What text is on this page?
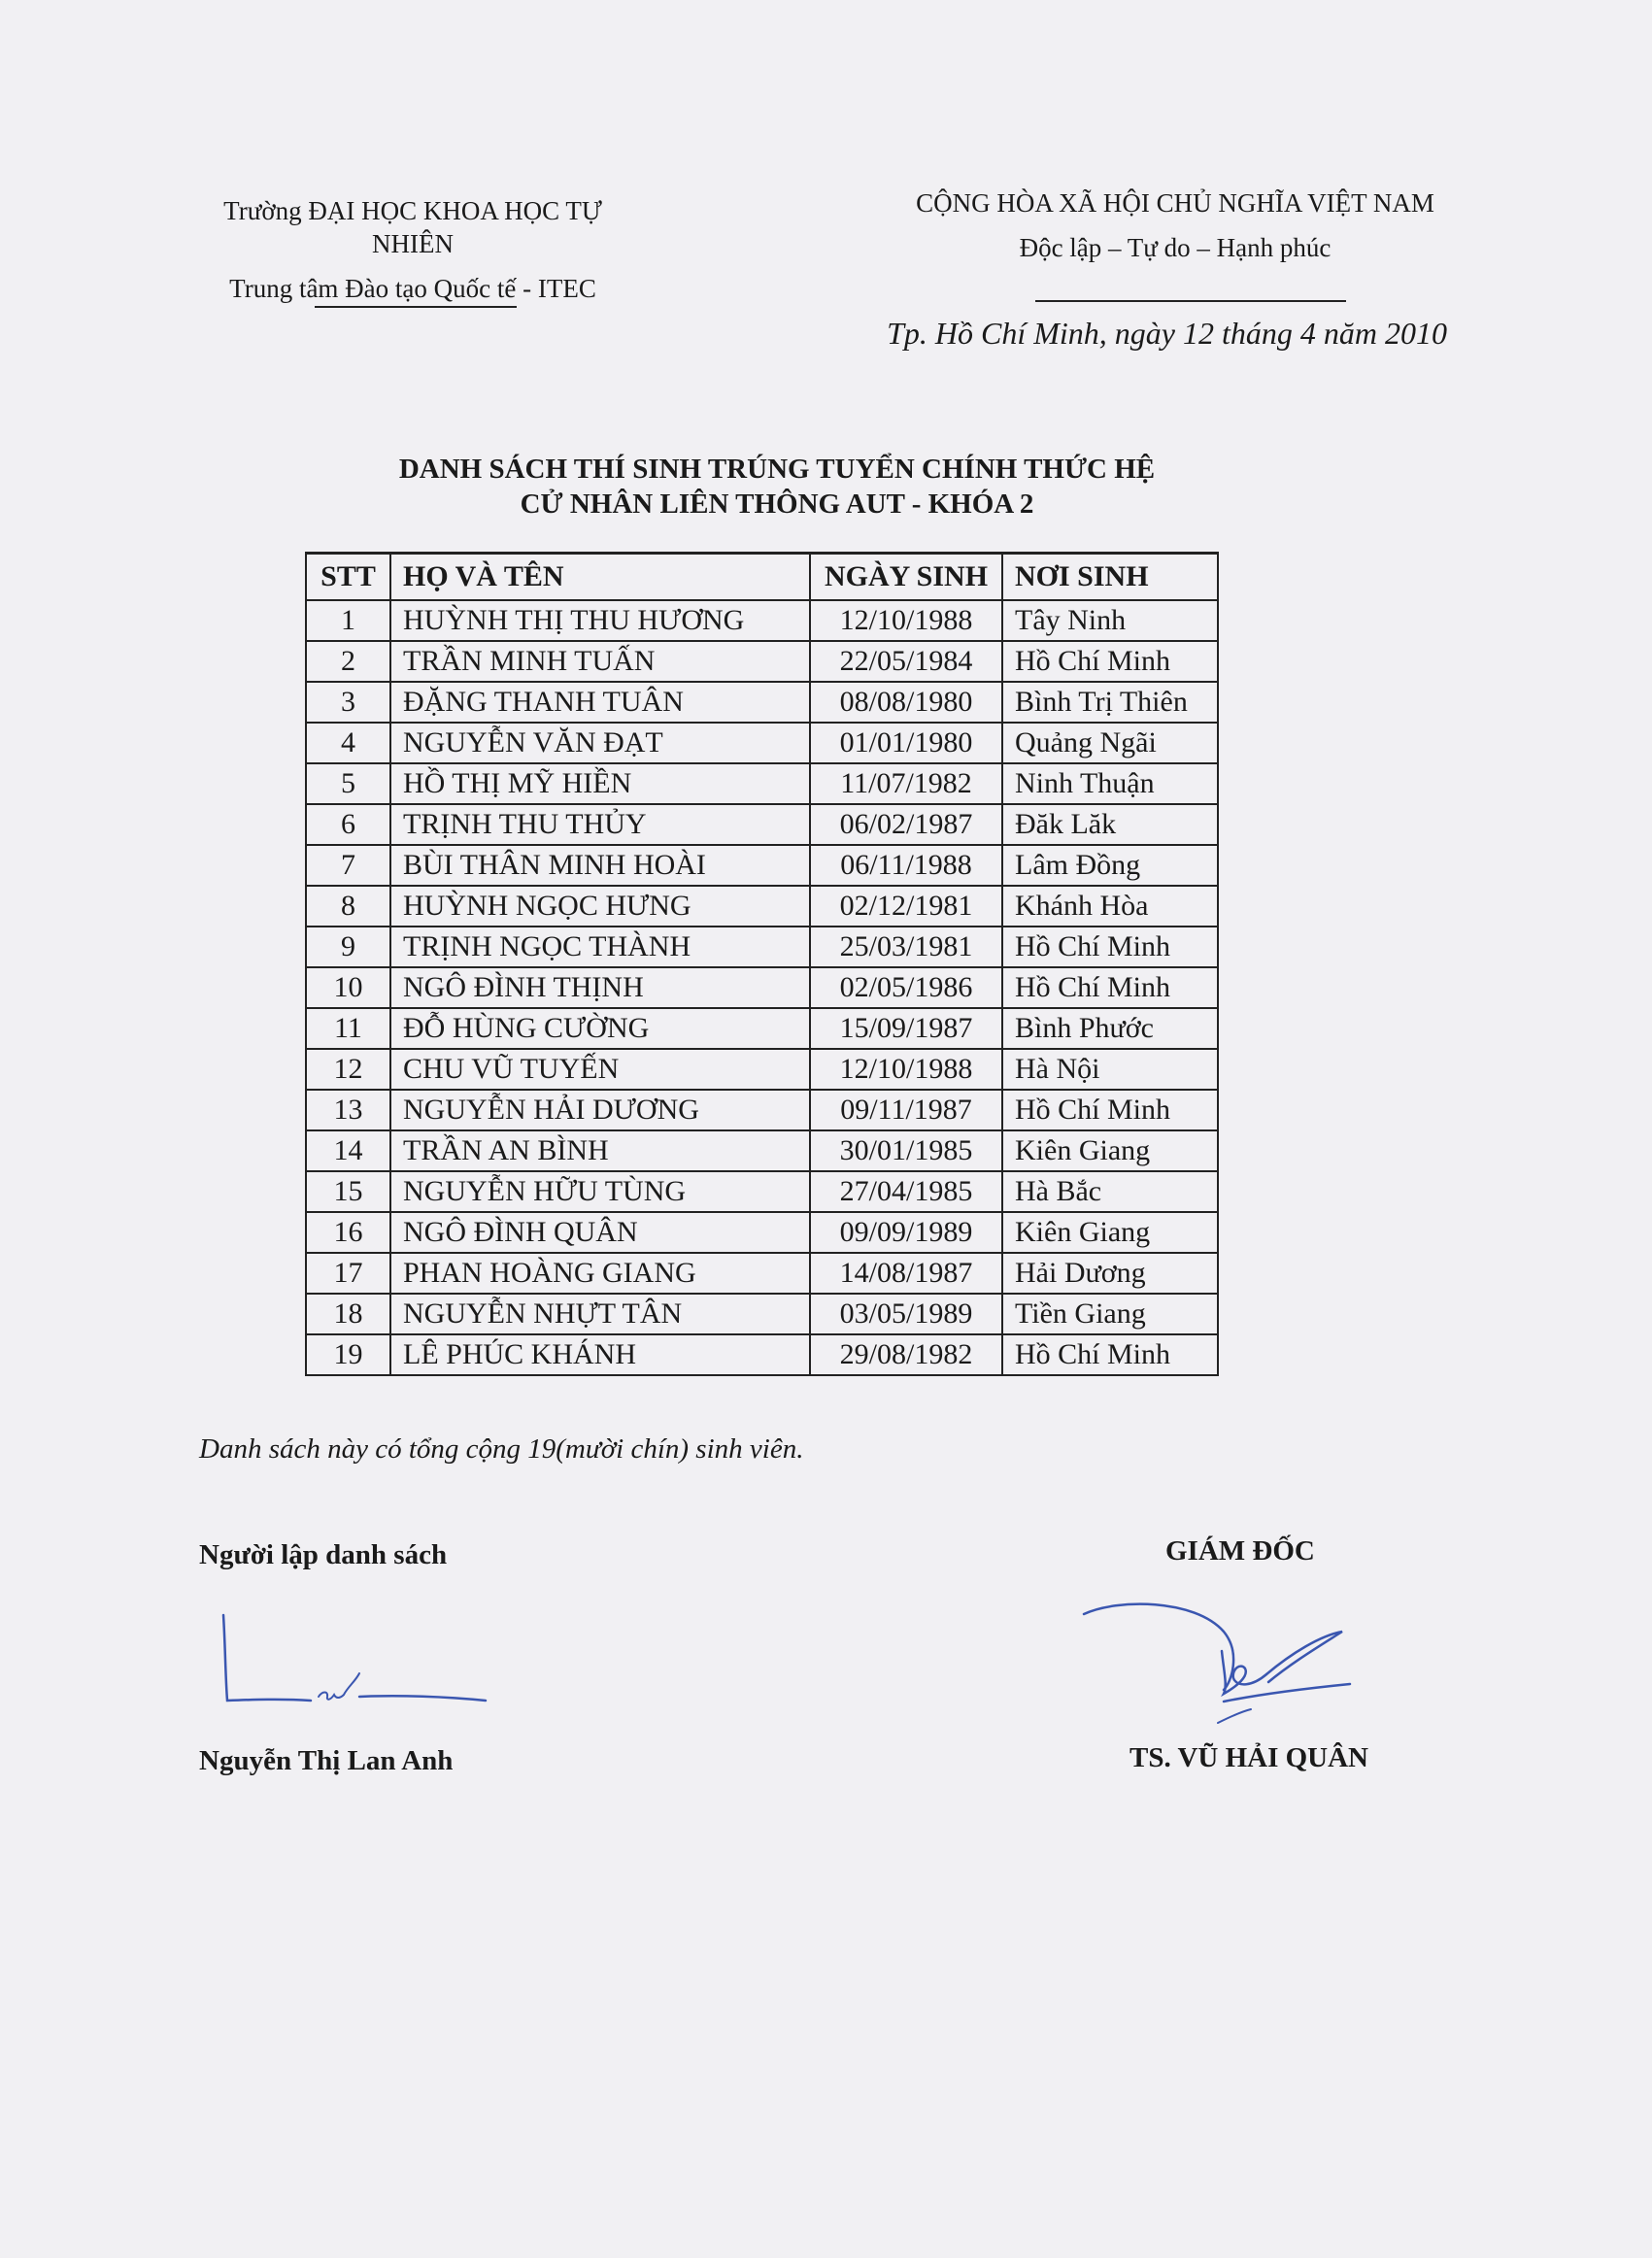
Trường ĐẠI HỌC KHOA HỌC TỰ NHIÊN
Trung tâm Đào tạo Quốc tế - ITEC
CỘNG HÒA XÃ HỘI CHỦ NGHĨA VIỆT NAM
Độc lập – Tự do – Hạnh phúc
Tp. Hồ Chí Minh, ngày 12 tháng 4 năm 2010
DANH SÁCH THÍ SINH TRÚNG TUYỂN CHÍNH THỨC HỆ
CỬ NHÂN LIÊN THÔNG AUT - KHÓA 2
STT	HỌ VÀ TÊN	NGÀY SINH	NƠI SINH
1	HUỲNH THỊ THU HƯƠNG	12/10/1988	Tây Ninh
2	TRẦN MINH TUẤN	22/05/1984	Hồ Chí Minh
3	ĐẶNG THANH TUÂN	08/08/1980	Bình Trị Thiên
4	NGUYỄN VĂN ĐẠT	01/01/1980	Quảng Ngãi
5	HỒ THỊ MỸ HIỀN	11/07/1982	Ninh Thuận
6	TRỊNH THU THỦY	06/02/1987	Đăk Lăk
7	BÙI THÂN MINH HOÀI	06/11/1988	Lâm Đồng
8	HUỲNH NGỌC HƯNG	02/12/1981	Khánh Hòa
9	TRỊNH NGỌC THÀNH	25/03/1981	Hồ Chí Minh
10	NGÔ ĐÌNH THỊNH	02/05/1986	Hồ Chí Minh
11	ĐỖ HÙNG CƯỜNG	15/09/1987	Bình Phước
12	CHU VŨ TUYẾN	12/10/1988	Hà Nội
13	NGUYỄN HẢI DƯƠNG	09/11/1987	Hồ Chí Minh
14	TRẦN AN BÌNH	30/01/1985	Kiên Giang
15	NGUYỄN HỮU TÙNG	27/04/1985	Hà Bắc
16	NGÔ ĐÌNH QUÂN	09/09/1989	Kiên Giang
17	PHAN HOÀNG GIANG	14/08/1987	Hải Dương
18	NGUYỄN NHỰT TÂN	03/05/1989	Tiền Giang
19	LÊ PHÚC KHÁNH	29/08/1982	Hồ Chí Minh
Danh sách này có tổng cộng 19(mười chín) sinh viên.
Người lập danh sách	GIÁM ĐỐC
Nguyễn Thị Lan Anh	TS. VŨ HẢI QUÂN
